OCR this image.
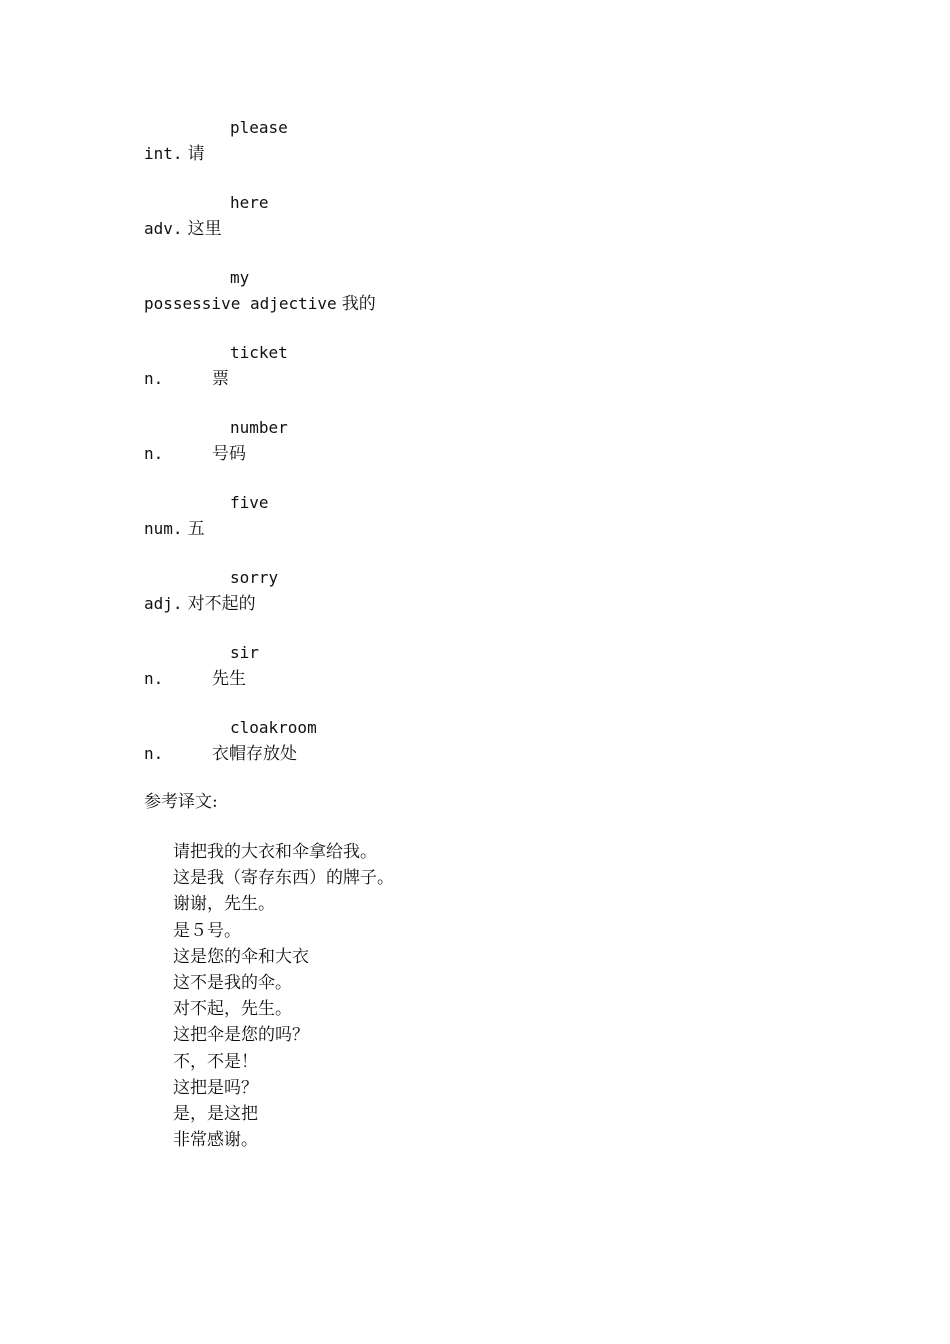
please
int. 请
here
adv. 这里
my
possessive adjective 我的
ticket
n.	票
number
n.	号码
five
num. 五
sorry
adj. 对不起的
sir
n.	先生
cloakroom
n.	衣帽存放处
参考译文:
请把我的大衣和伞拿给我。
这是我（寄存东西）的牌子。
谢谢，先生。
是５号。
这是您的伞和大衣
这不是我的伞。
对不起，先生。
这把伞是您的吗？
不，不是！
这把是吗？
是，是这把
非常感谢。
